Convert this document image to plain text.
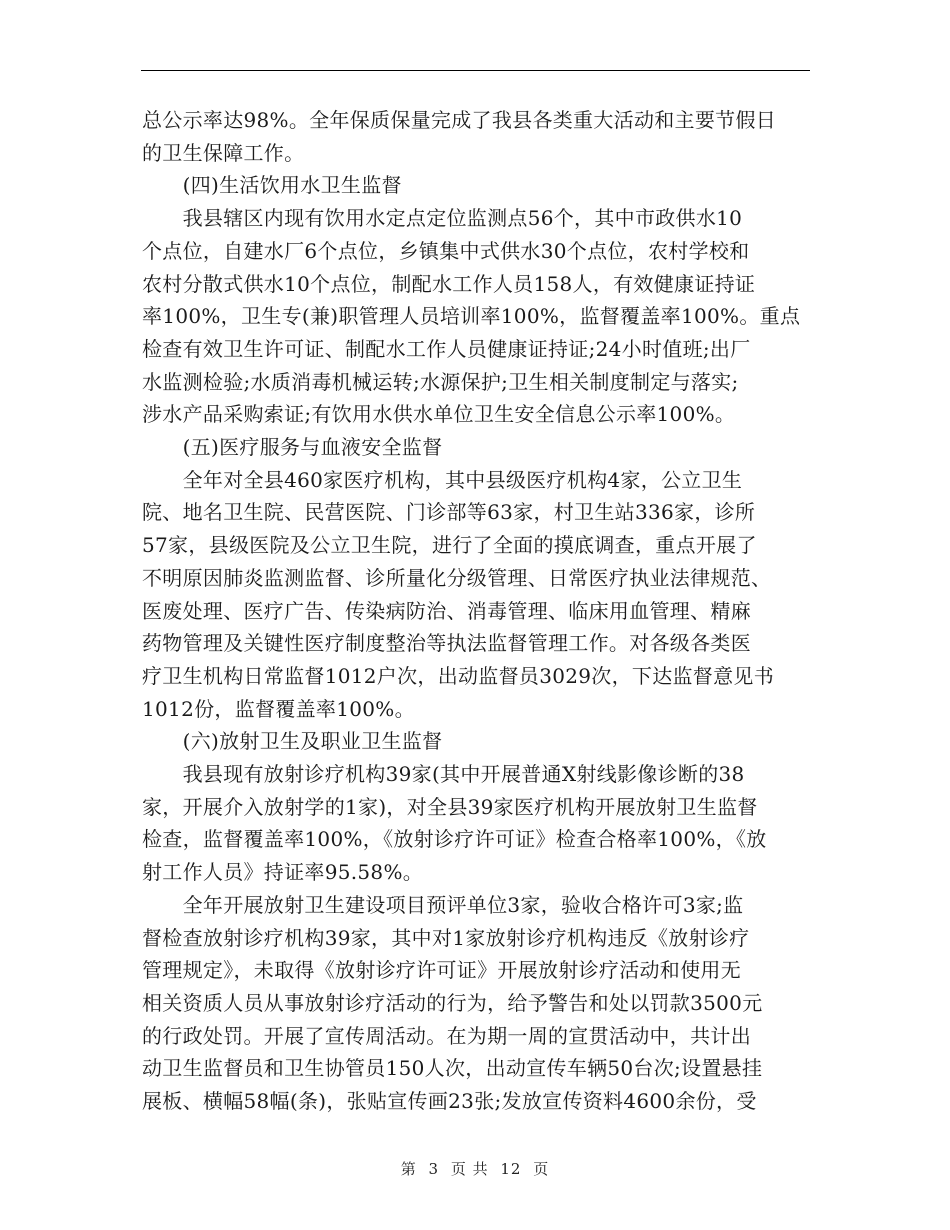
总公示率达98%。全年保质保量完成了我县各类重大活动和主要节假日
的卫生保障工作。

　　(四)生活饮用水卫生监督

　　我县辖区内现有饮用水定点定位监测点56个，其中市政供水10
个点位，自建水厂6个点位，乡镇集中式供水30个点位，农村学校和
农村分散式供水10个点位，制配水工作人员158人，有效健康证持证
率100%，卫生专(兼)职管理人员培训率100%，监督覆盖率100%。重点
检查有效卫生许可证、制配水工作人员健康证持证;24小时值班;出厂
水监测检验;水质消毒机械运转;水源保护;卫生相关制度制定与落实;
涉水产品采购索证;有饮用水供水单位卫生安全信息公示率100%。

　　(五)医疗服务与血液安全监督

　　全年对全县460家医疗机构，其中县级医疗机构4家，公立卫生
院、地名卫生院、民营医院、门诊部等63家，村卫生站336家，诊所
57家，县级医院及公立卫生院，进行了全面的摸底调查，重点开展了
不明原因肺炎监测监督、诊所量化分级管理、日常医疗执业法律规范、
医废处理、医疗广告、传染病防治、消毒管理、临床用血管理、精麻
药物管理及关键性医疗制度整治等执法监督管理工作。对各级各类医
疗卫生机构日常监督1012户次，出动监督员3029次，下达监督意见书
1012份，监督覆盖率100%。

　　(六)放射卫生及职业卫生监督

　　我县现有放射诊疗机构39家(其中开展普通X射线影像诊断的38
家，开展介入放射学的1家)，对全县39家医疗机构开展放射卫生监督
检查，监督覆盖率100%，《放射诊疗许可证》检查合格率100%，《放
射工作人员》持证率95.58%。

　　全年开展放射卫生建设项目预评单位3家，验收合格许可3家;监
督检查放射诊疗机构39家，其中对1家放射诊疗机构违反《放射诊疗
管理规定》，未取得《放射诊疗许可证》开展放射诊疗活动和使用无
相关资质人员从事放射诊疗活动的行为，给予警告和处以罚款3500元
的行政处罚。开展了宣传周活动。在为期一周的宣贯活动中，共计出
动卫生监督员和卫生协管员150人次，出动宣传车辆50台次;设置悬挂
展板、横幅58幅(条)，张贴宣传画23张;发放宣传资料4600余份，受

第 3 页 共 12 页
